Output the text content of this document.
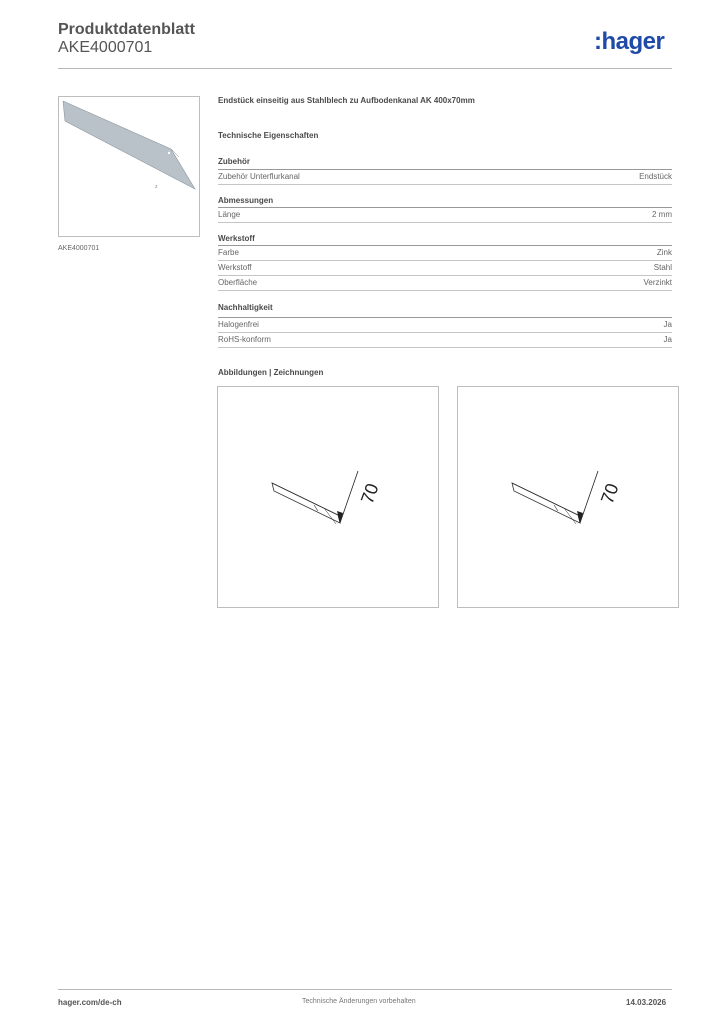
Produktdatenblatt
AKE4000701	:hager
z
AKE4000701
Endstück einseitig aus Stahlblech zu Aufbodenkanal AK 400x70mm
Technische Eigenschaften
Zubehör
Zubehör Unterflurkanal	Endstück
Abmessungen
Länge	2 mm
Werkstoff
Farbe	Zink
Werkstoff	Stahl
Oberfläche	Verzinkt
Nachhaltigkeit
Halogenfrei	Ja
RoHS-konform	Ja
Abbildungen | Zeichnungen
70	70
hager.com/de-ch	Technische Änderungen vorbehalten	14.03.2026
